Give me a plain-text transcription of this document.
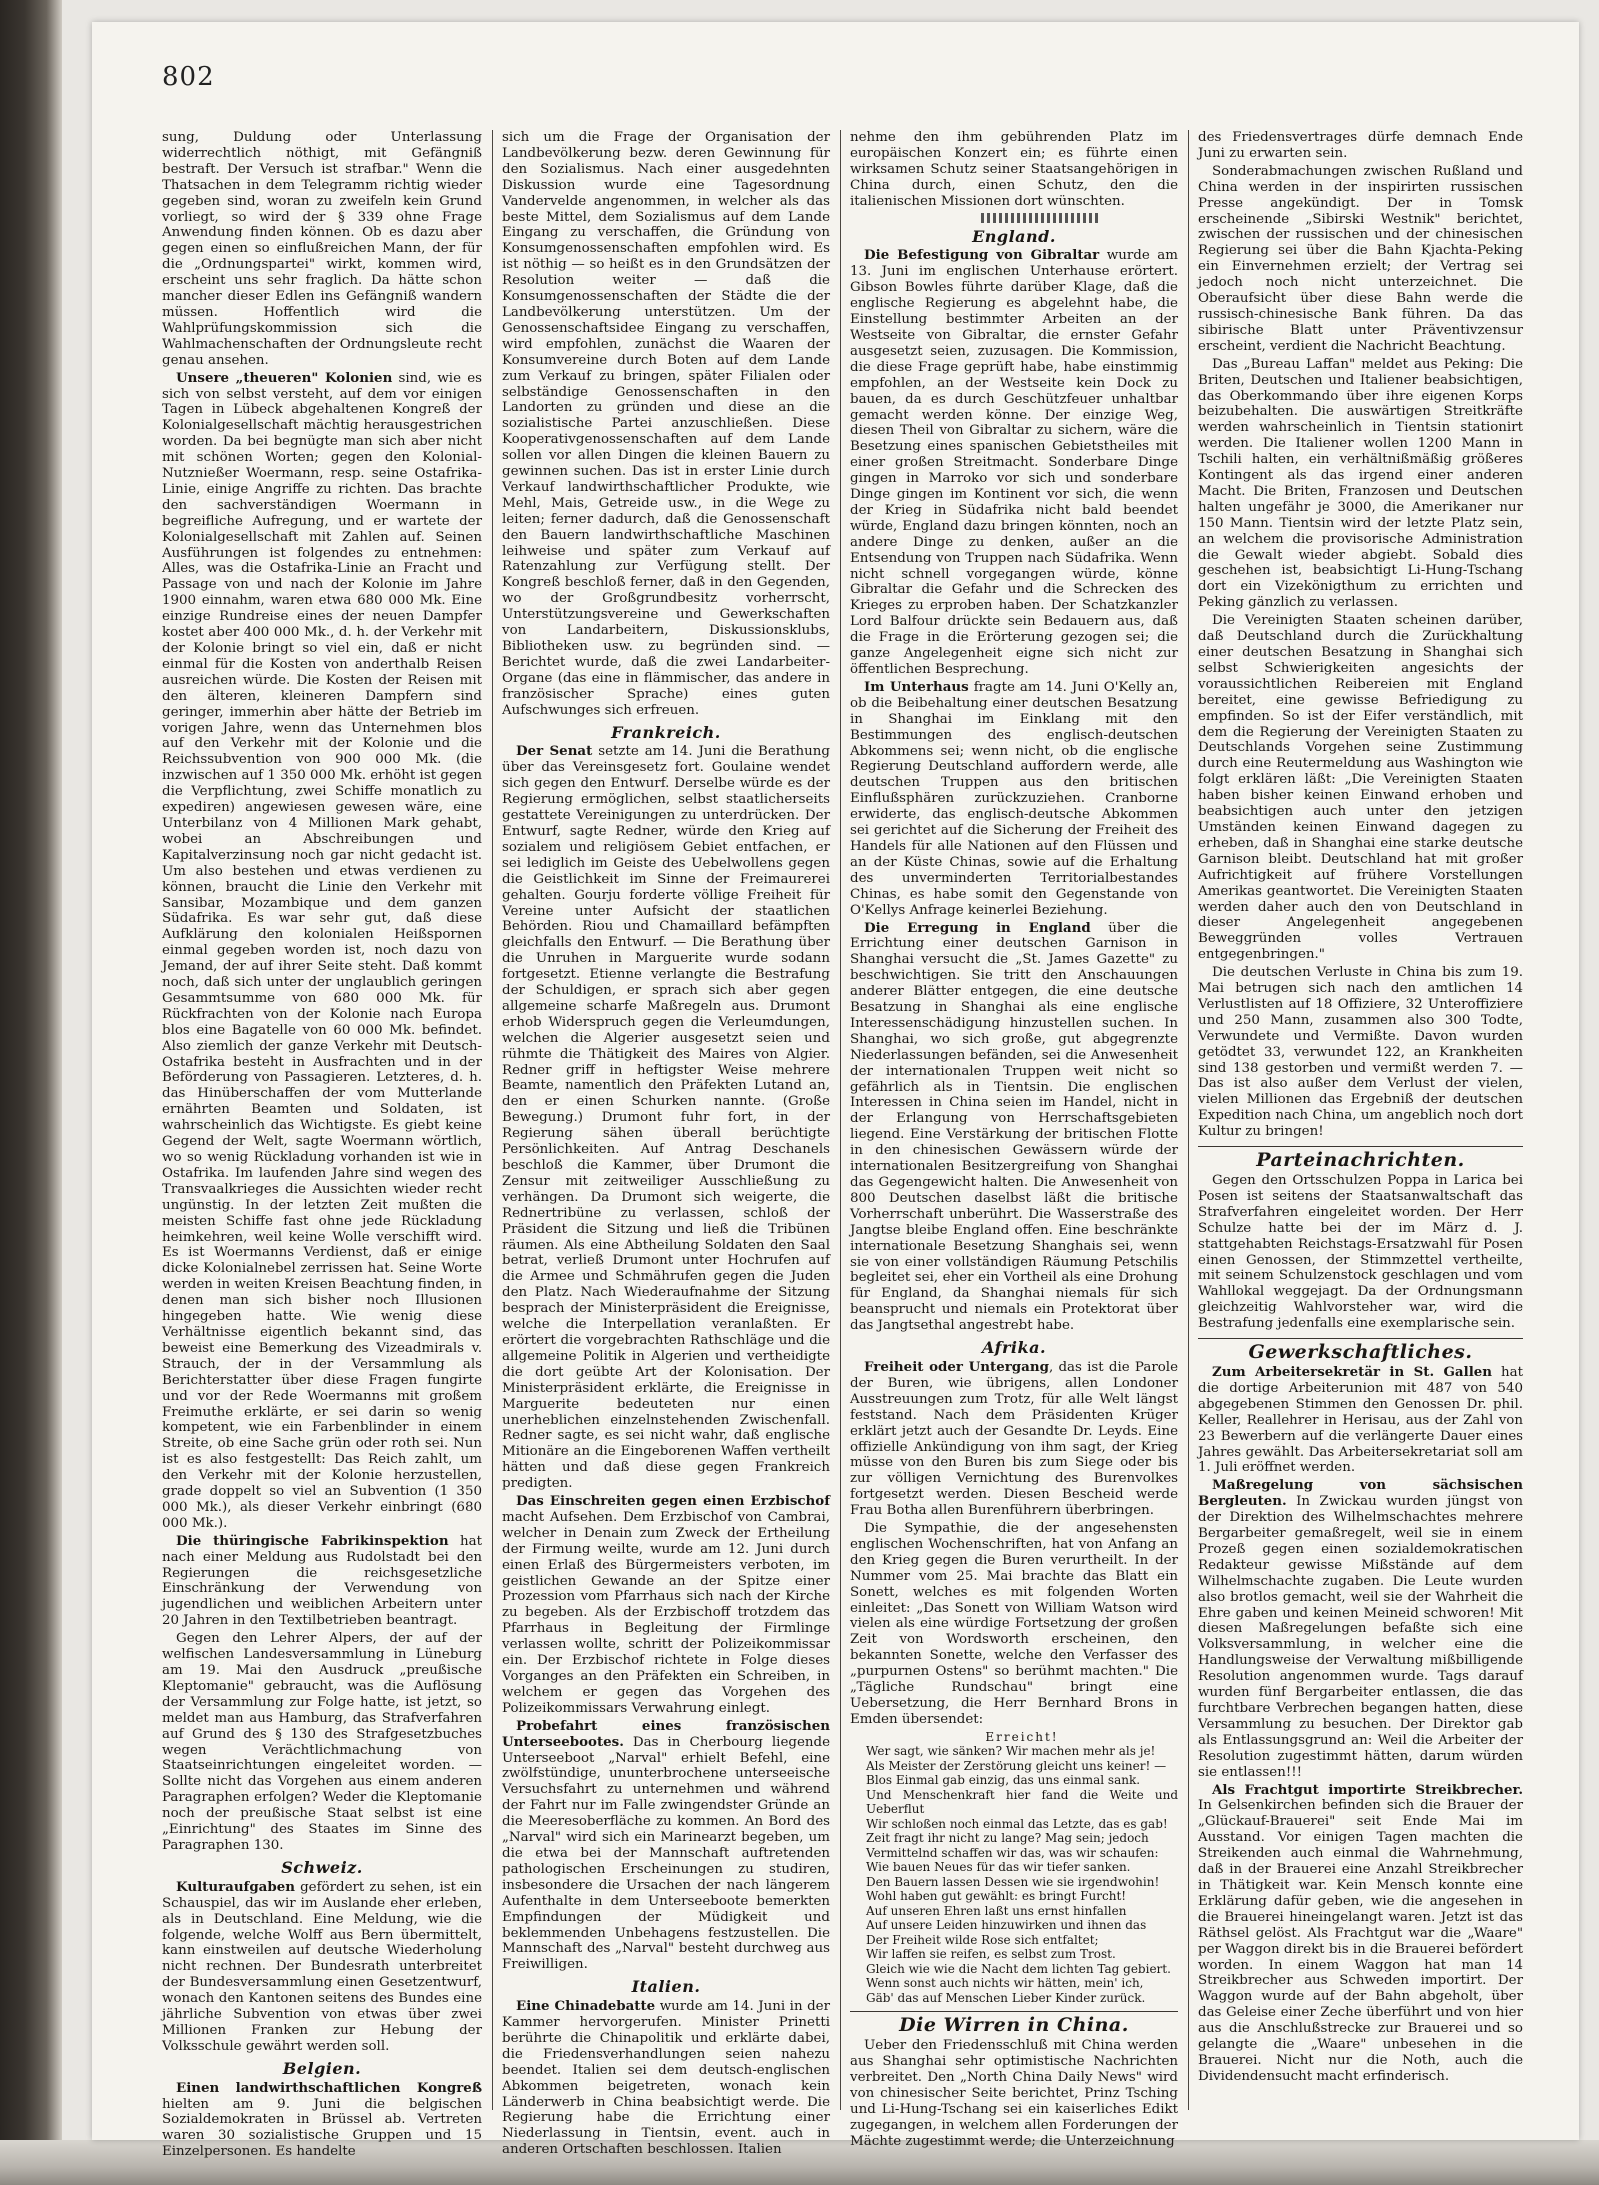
802

sung, Duldung oder Unterlassung widerrechtlich nöthigt, mit Gefängniß bestraft. Der Versuch ist strafbar." Wenn die Thatsachen in dem Telegramm richtig wieder gegeben sind, woran zu zweifeln kein Grund vorliegt, so wird der § 339 ohne Frage Anwendung finden können. Ob es dazu aber gegen einen so einflußreichen Mann, der für die „Ordnungspartei" wirkt, kommen wird, erscheint uns sehr fraglich. Da hätte schon mancher dieser Edlen ins Gefängniß wandern müssen. Hoffentlich wird die Wahlprüfungskommission sich die Wahlmachenschaften der Ordnungsleute recht genau ansehen.

Unsere „theueren" Kolonien sind, wie es sich von selbst versteht, auf dem vor einigen Tagen in Lübeck abgehaltenen Kongreß der Kolonialgesellschaft mächtig herausgestrichen worden. Da bei begnügte man sich aber nicht mit schönen Worten; gegen den Kolonial-Nutznießer Woermann, resp. seine Ostafrika-Linie, einige Angriffe zu richten. Das brachte den sachverständigen Woermann in begreifliche Aufregung, und er wartete der Kolonialgesellschaft mit Zahlen auf. Seinen Ausführungen ist folgendes zu entnehmen: Alles, was die Ostafrika-Linie an Fracht und Passage von und nach der Kolonie im Jahre 1900 einnahm, waren etwa 680 000 Mk. Eine einzige Rundreise eines der neuen Dampfer kostet aber 400 000 Mk., d. h. der Verkehr mit der Kolonie bringt so viel ein, daß er nicht einmal für die Kosten von anderthalb Reisen ausreichen würde. Die Kosten der Reisen mit den älteren, kleineren Dampfern sind geringer, immerhin aber hätte der Betrieb im vorigen Jahre, wenn das Unternehmen blos auf den Verkehr mit der Kolonie und die Reichssubvention von 900 000 Mk. (die inzwischen auf 1 350 000 Mk. erhöht ist gegen die Verpflichtung, zwei Schiffe monatlich zu expediren) angewiesen gewesen wäre, eine Unterbilanz von 4 Millionen Mark gehabt, wobei an Abschreibungen und Kapitalverzinsung noch gar nicht gedacht ist. Um also bestehen und etwas verdienen zu können, braucht die Linie den Verkehr mit Sansibar, Mozambique und dem ganzen Südafrika. Es war sehr gut, daß diese Aufklärung den kolonialen Heißspornen einmal gegeben worden ist, noch dazu von Jemand, der auf ihrer Seite steht. Daß kommt noch, daß sich unter der unglaublich geringen Gesammtsumme von 680 000 Mk. für Rückfrachten von der Kolonie nach Europa blos eine Bagatelle von 60 000 Mk. befindet. Also ziemlich der ganze Verkehr mit Deutsch-Ostafrika besteht in Ausfrachten und in der Beförderung von Passagieren. Letzteres, d. h. das Hinüberschaffen der vom Mutterlande ernährten Beamten und Soldaten, ist wahrscheinlich das Wichtigste. Es giebt keine Gegend der Welt, sagte Woermann wörtlich, wo so wenig Rückladung vorhanden ist wie in Ostafrika. Im laufenden Jahre sind wegen des Transvaalkrieges die Aussichten wieder recht ungünstig. In der letzten Zeit mußten die meisten Schiffe fast ohne jede Rückladung heimkehren, weil keine Wolle verschifft wird. Es ist Woermanns Verdienst, daß er einige dicke Kolonialnebel zerrissen hat. Seine Worte werden in weiten Kreisen Beachtung finden, in denen man sich bisher noch Illusionen hingegeben hatte. Wie wenig diese Verhältnisse eigentlich bekannt sind, das beweist eine Bemerkung des Vizeadmirals v. Strauch, der in der Versammlung als Berichterstatter über diese Fragen fungirte und vor der Rede Woermanns mit großem Freimuthe erklärte, er sei darin so wenig kompetent, wie ein Farbenblinder in einem Streite, ob eine Sache grün oder roth sei. Nun ist es also festgestellt: Das Reich zahlt, um den Verkehr mit der Kolonie herzustellen, grade doppelt so viel an Subvention (1 350 000 Mk.), als dieser Verkehr einbringt (680 000 Mk.).

Die thüringische Fabrikinspektion hat nach einer Meldung aus Rudolstadt bei den Regierungen die reichsgesetzliche Einschränkung der Verwendung von jugendlichen und weiblichen Arbeitern unter 20 Jahren in den Textilbetrieben beantragt.

Gegen den Lehrer Alpers, der auf der welfischen Landesversammlung in Lüneburg am 19. Mai den Ausdruck „preußische Kleptomanie" gebraucht, was die Auflösung der Versammlung zur Folge hatte, ist jetzt, so meldet man aus Hamburg, das Strafverfahren auf Grund des § 130 des Strafgesetzbuches wegen Verächtlichmachung von Staatseinrichtungen eingeleitet worden. — Sollte nicht das Vorgehen aus einem anderen Paragraphen erfolgen? Weder die Kleptomanie noch der preußische Staat selbst ist eine „Einrichtung" des Staates im Sinne des Paragraphen 130.

Schweiz.

Kulturaufgaben gefördert zu sehen, ist ein Schauspiel, das wir im Auslande eher erleben, als in Deutschland. Eine Meldung, wie die folgende, welche Wolff aus Bern übermittelt, kann einstweilen auf deutsche Wiederholung nicht rechnen. Der Bundesrath unterbreitet der Bundesversammlung einen Gesetzentwurf, wonach den Kantonen seitens des Bundes eine jährliche Subvention von etwas über zwei Millionen Franken zur Hebung der Volksschule gewährt werden soll.

Belgien.

Einen landwirthschaftlichen Kongreß hielten am 9. Juni die belgischen Sozialdemokraten in Brüssel ab. Vertreten waren 30 sozialistische Gruppen und 15 Einzelpersonen. Es handelte

sich um die Frage der Organisation der Landbevölkerung bezw. deren Gewinnung für den Sozialismus. Nach einer ausgedehnten Diskussion wurde eine Tagesordnung Vandervelde angenommen, in welcher als das beste Mittel, dem Sozialismus auf dem Lande Eingang zu verschaffen, die Gründung von Konsumgenossenschaften empfohlen wird. Es ist nöthig — so heißt es in den Grundsätzen der Resolution weiter — daß die Konsumgenossenschaften der Städte die der Landbevölkerung unterstützen. Um der Genossenschaftsidee Eingang zu verschaffen, wird empfohlen, zunächst die Waaren der Konsumvereine durch Boten auf dem Lande zum Verkauf zu bringen, später Filialen oder selbständige Genossenschaften in den Landorten zu gründen und diese an die sozialistische Partei anzuschließen. Diese Kooperativgenossenschaften auf dem Lande sollen vor allen Dingen die kleinen Bauern zu gewinnen suchen. Das ist in erster Linie durch Verkauf landwirthschaftlicher Produkte, wie Mehl, Mais, Getreide usw., in die Wege zu leiten; ferner dadurch, daß die Genossenschaft den Bauern landwirthschaftliche Maschinen leihweise und später zum Verkauf auf Ratenzahlung zur Verfügung stellt. Der Kongreß beschloß ferner, daß in den Gegenden, wo der Großgrundbesitz vorherrscht, Unterstützungsvereine und Gewerkschaften von Landarbeitern, Diskussionsklubs, Bibliotheken usw. zu begründen sind. — Berichtet wurde, daß die zwei Landarbeiter-Organe (das eine in flämmischer, das andere in französischer Sprache) eines guten Aufschwunges sich erfreuen.

Frankreich.

Der Senat setzte am 14. Juni die Berathung über das Vereinsgesetz fort. Goulaine wendet sich gegen den Entwurf. Derselbe würde es der Regierung ermöglichen, selbst staatlicherseits gestattete Vereinigungen zu unterdrücken. Der Entwurf, sagte Redner, würde den Krieg auf sozialem und religiösem Gebiet entfachen, er sei lediglich im Geiste des Uebelwollens gegen die Geistlichkeit im Sinne der Freimaurerei gehalten. Gourju forderte völlige Freiheit für Vereine unter Aufsicht der staatlichen Behörden. Riou und Chamaillard befämpften gleichfalls den Entwurf. — Die Berathung über die Unruhen in Marguerite wurde sodann fortgesetzt. Etienne verlangte die Bestrafung der Schuldigen, er sprach sich aber gegen allgemeine scharfe Maßregeln aus. Drumont erhob Widerspruch gegen die Verleumdungen, welchen die Algerier ausgesetzt seien und rühmte die Thätigkeit des Maires von Algier. Redner griff in heftigster Weise mehrere Beamte, namentlich den Präfekten Lutand an, den er einen Schurken nannte. (Große Bewegung.) Drumont fuhr fort, in der Regierung sähen überall berüchtigte Persönlichkeiten. Auf Antrag Deschanels beschloß die Kammer, über Drumont die Zensur mit zeitweiliger Ausschließung zu verhängen. Da Drumont sich weigerte, die Rednertribüne zu verlassen, schloß der Präsident die Sitzung und ließ die Tribünen räumen. Als eine Abtheilung Soldaten den Saal betrat, verließ Drumont unter Hochrufen auf die Armee und Schmährufen gegen die Juden den Platz. Nach Wiederaufnahme der Sitzung besprach der Ministerpräsident die Ereignisse, welche die Interpellation veranlaßten. Er erörtert die vorgebrachten Rathschläge und die allgemeine Politik in Algerien und vertheidigte die dort geübte Art der Kolonisation. Der Ministerpräsident erklärte, die Ereignisse in Marguerite bedeuteten nur einen unerheblichen einzelnstehenden Zwischenfall. Redner sagte, es sei nicht wahr, daß englische Mitionäre an die Eingeborenen Waffen vertheilt hätten und daß diese gegen Frankreich predigten.

Das Einschreiten gegen einen Erzbischof macht Aufsehen. Dem Erzbischof von Cambrai, welcher in Denain zum Zweck der Ertheilung der Firmung weilte, wurde am 12. Juni durch einen Erlaß des Bürgermeisters verboten, im geistlichen Gewande an der Spitze einer Prozession vom Pfarrhaus sich nach der Kirche zu begeben. Als der Erzbischoff trotzdem das Pfarrhaus in Begleitung der Firmlinge verlassen wollte, schritt der Polizeikommissar ein. Der Erzbischof richtete in Folge dieses Vorganges an den Präfekten ein Schreiben, in welchem er gegen das Vorgehen des Polizeikommissars Verwahrung einlegt.

Probefahrt eines französischen Unterseebootes. Das in Cherbourg liegende Unterseeboot „Narval" erhielt Befehl, eine zwölfstündige, ununterbrochene unterseeische Versuchsfahrt zu unternehmen und während der Fahrt nur im Falle zwingendster Gründe an die Meeresoberfläche zu kommen. An Bord des „Narval" wird sich ein Marinearzt begeben, um die etwa bei der Mannschaft auftretenden pathologischen Erscheinungen zu studiren, insbesondere die Ursachen der nach längerem Aufenthalte in dem Unterseeboote bemerkten Empfindungen der Müdigkeit und beklemmenden Unbehagens festzustellen. Die Mannschaft des „Narval" besteht durchweg aus Freiwilligen.

Italien.

Eine Chinadebatte wurde am 14. Juni in der Kammer hervorgerufen. Minister Prinetti berührte die Chinapolitik und erklärte dabei, die Friedensverhandlungen seien nahezu beendet. Italien sei dem deutsch-englischen Abkommen beigetreten, wonach kein Länderwerb in China beabsichtigt werde. Die Regierung habe die Errichtung einer Niederlassung in Tientsin, event. auch in anderen Ortschaften beschlossen. Italien

nehme den ihm gebührenden Platz im europäischen Konzert ein; es führte einen wirksamen Schutz seiner Staatsangehörigen in China durch, einen Schutz, den die italienischen Missionen dort wünschten.

England.

Die Befestigung von Gibraltar wurde am 13. Juni im englischen Unterhause erörtert. Gibson Bowles führte darüber Klage, daß die englische Regierung es abgelehnt habe, die Einstellung bestimmter Arbeiten an der Westseite von Gibraltar, die ernster Gefahr ausgesetzt seien, zuzusagen. Die Kommission, die diese Frage geprüft habe, habe einstimmig empfohlen, an der Westseite kein Dock zu bauen, da es durch Geschützfeuer unhaltbar gemacht werden könne. Der einzige Weg, diesen Theil von Gibraltar zu sichern, wäre die Besetzung eines spanischen Gebietstheiles mit einer großen Streitmacht. Sonderbare Dinge gingen in Marroko vor sich und sonderbare Dinge gingen im Kontinent vor sich, die wenn der Krieg in Südafrika nicht bald beendet würde, England dazu bringen könnten, noch an andere Dinge zu denken, außer an die Entsendung von Truppen nach Südafrika. Wenn nicht schnell vorgegangen würde, könne Gibraltar die Gefahr und die Schrecken des Krieges zu erproben haben. Der Schatzkanzler Lord Balfour drückte sein Bedauern aus, daß die Frage in die Erörterung gezogen sei; die ganze Angelegenheit eigne sich nicht zur öffentlichen Besprechung.

Im Unterhaus fragte am 14. Juni O'Kelly an, ob die Beibehaltung einer deutschen Besatzung in Shanghai im Einklang mit den Bestimmungen des englisch-deutschen Abkommens sei; wenn nicht, ob die englische Regierung Deutschland auffordern werde, alle deutschen Truppen aus den britischen Einflußsphären zurückzuziehen. Cranborne erwiderte, das englisch-deutsche Abkommen sei gerichtet auf die Sicherung der Freiheit des Handels für alle Nationen auf den Flüssen und an der Küste Chinas, sowie auf die Erhaltung des unverminderten Territorialbestandes Chinas, es habe somit den Gegenstande von O'Kellys Anfrage keinerlei Beziehung.

Die Erregung in England über die Errichtung einer deutschen Garnison in Shanghai versucht die „St. James Gazette" zu beschwichtigen. Sie tritt den Anschauungen anderer Blätter entgegen, die eine deutsche Besatzung in Shanghai als eine englische Interessenschädigung hinzustellen suchen. In Shanghai, wo sich große, gut abgegrenzte Niederlassungen befänden, sei die Anwesenheit der internationalen Truppen weit nicht so gefährlich als in Tientsin. Die englischen Interessen in China seien im Handel, nicht in der Erlangung von Herrschaftsgebieten liegend. Eine Verstärkung der britischen Flotte in den chinesischen Gewässern würde der internationalen Besitzergreifung von Shanghai das Gegengewicht halten. Die Anwesenheit von 800 Deutschen daselbst läßt die britische Vorherrschaft unberührt. Die Wasserstraße des Jangtse bleibe England offen. Eine beschränkte internationale Besetzung Shanghais sei, wenn sie von einer vollständigen Räumung Petschilis begleitet sei, eher ein Vortheil als eine Drohung für England, da Shanghai niemals für sich beansprucht und niemals ein Protektorat über das Jangtsethal angestrebt habe.

Afrika.

Freiheit oder Untergang, das ist die Parole der Buren, wie übrigens, allen Londoner Ausstreuungen zum Trotz, für alle Welt längst feststand. Nach dem Präsidenten Krüger erklärt jetzt auch der Gesandte Dr. Leyds. Eine offizielle Ankündigung von ihm sagt, der Krieg müsse von den Buren bis zum Siege oder bis zur völligen Vernichtung des Burenvolkes fortgesetzt werden. Diesen Bescheid werde Frau Botha allen Burenführern überbringen.

Die Sympathie, die der angesehensten englischen Wochenschriften, hat von Anfang an den Krieg gegen die Buren verurtheilt. In der Nummer vom 25. Mai brachte das Blatt ein Sonett, welches es mit folgenden Worten einleitet: „Das Sonett von William Watson wird vielen als eine würdige Fortsetzung der großen Zeit von Wordsworth erscheinen, den bekannten Sonette, welche den Verfasser des „purpurnen Ostens" so berühmt machten." Die „Tägliche Rundschau" bringt eine Uebersetzung, die Herr Bernhard Brons in Emden übersendet:

Erreicht!
Wer sagt, wie sänken? Wir machen mehr als je!
Als Meister der Zerstörung gleicht uns keiner! —
Blos Einmal gab einzig, das uns einmal sank.
Und Menschenkraft hier fand die Weite und Ueberflut
Wir schloßen noch einmal das Letzte, das es gab!
Zeit fragt ihr nicht zu lange? Mag sein; jedoch
Vermittelnd schaffen wir das, was wir schaufen:
Wie bauen Neues für das wir tiefer sanken.
Den Bauern lassen Dessen wie sie irgendwohin!
Wohl haben gut gewählt: es bringt Furcht!
Auf unseren Ehren laßt uns ernst hinfallen
Auf unsere Leiden hinzuwirken und ihnen das
Der Freiheit wilde Rose sich entfaltet;
Wir laffen sie reifen, es selbst zum Trost.
Gleich wie wie die Nacht dem lichten Tag gebiert.
Wenn sonst auch nichts wir hätten, mein' ich,
Gäb' das auf Menschen Lieber Kinder zurück.
Die Wirren in China.

Ueber den Friedensschluß mit China werden aus Shanghai sehr optimistische Nachrichten verbreitet. Den „North China Daily News" wird von chinesischer Seite berichtet, Prinz Tsching und Li-Hung-Tschang sei ein kaiserliches Edikt zugegangen, in welchem allen Forderungen der Mächte zugestimmt werde; die Unterzeichnung

des Friedensvertrages dürfe demnach Ende Juni zu erwarten sein.

Sonderabmachungen zwischen Rußland und China werden in der inspirirten russischen Presse angekündigt. Der in Tomsk erscheinende „Sibirski Westnik" berichtet, zwischen der russischen und der chinesischen Regierung sei über die Bahn Kjachta-Peking ein Einvernehmen erzielt; der Vertrag sei jedoch noch nicht unterzeichnet. Die Oberaufsicht über diese Bahn werde die russisch-chinesische Bank führen. Da das sibirische Blatt unter Präventivzensur erscheint, verdient die Nachricht Beachtung.

Das „Bureau Laffan" meldet aus Peking: Die Briten, Deutschen und Italiener beabsichtigen, das Oberkommando über ihre eigenen Korps beizubehalten. Die auswärtigen Streitkräfte werden wahrscheinlich in Tientsin stationirt werden. Die Italiener wollen 1200 Mann in Tschili halten, ein verhältnißmäßig größeres Kontingent als das irgend einer anderen Macht. Die Briten, Franzosen und Deutschen halten ungefähr je 3000, die Amerikaner nur 150 Mann. Tientsin wird der letzte Platz sein, an welchem die provisorische Administration die Gewalt wieder abgiebt. Sobald dies geschehen ist, beabsichtigt Li-Hung-Tschang dort ein Vizekönigthum zu errichten und Peking gänzlich zu verlassen.

Die Vereinigten Staaten scheinen darüber, daß Deutschland durch die Zurückhaltung einer deutschen Besatzung in Shanghai sich selbst Schwierigkeiten angesichts der voraussichtlichen Reibereien mit England bereitet, eine gewisse Befriedigung zu empfinden. So ist der Eifer verständlich, mit dem die Regierung der Vereinigten Staaten zu Deutschlands Vorgehen seine Zustimmung durch eine Reutermeldung aus Washington wie folgt erklären läßt: „Die Vereinigten Staaten haben bisher keinen Einwand erhoben und beabsichtigen auch unter den jetzigen Umständen keinen Einwand dagegen zu erheben, daß in Shanghai eine starke deutsche Garnison bleibt. Deutschland hat mit großer Aufrichtigkeit auf frühere Vorstellungen Amerikas geantwortet. Die Vereinigten Staaten werden daher auch den von Deutschland in dieser Angelegenheit angegebenen Beweggründen volles Vertrauen entgegenbringen."

Die deutschen Verluste in China bis zum 19. Mai betrugen sich nach den amtlichen 14 Verlustlisten auf 18 Offiziere, 32 Unteroffiziere und 250 Mann, zusammen also 300 Todte, Verwundete und Vermißte. Davon wurden getödtet 33, verwundet 122, an Krankheiten sind 138 gestorben und vermißt werden 7. — Das ist also außer dem Verlust der vielen, vielen Millionen das Ergebniß der deutschen Expedition nach China, um angeblich noch dort Kultur zu bringen!

Parteinachrichten.

Gegen den Ortsschulzen Poppa in Larica bei Posen ist seitens der Staatsanwaltschaft das Strafverfahren eingeleitet worden. Der Herr Schulze hatte bei der im März d. J. stattgehabten Reichstags-Ersatzwahl für Posen einen Genossen, der Stimmzettel vertheilte, mit seinem Schulzenstock geschlagen und vom Wahllokal weggejagt. Da der Ordnungsmann gleichzeitig Wahlvorsteher war, wird die Bestrafung jedenfalls eine exemplarische sein.

Gewerkschaftliches.

Zum Arbeitersekretär in St. Gallen hat die dortige Arbeiterunion mit 487 von 540 abgegebenen Stimmen den Genossen Dr. phil. Keller, Reallehrer in Herisau, aus der Zahl von 23 Bewerbern auf die verlängerte Dauer eines Jahres gewählt. Das Arbeitersekretariat soll am 1. Juli eröffnet werden.

Maßregelung von sächsischen Bergleuten. In Zwickau wurden jüngst von der Direktion des Wilhelmschachtes mehrere Bergarbeiter gemaßregelt, weil sie in einem Prozeß gegen einen sozialdemokratischen Redakteur gewisse Mißstände auf dem Wilhelmschachte zugaben. Die Leute wurden also brotlos gemacht, weil sie der Wahrheit die Ehre gaben und keinen Meineid schworen! Mit diesen Maßregelungen befaßte sich eine Volksversammlung, in welcher eine die Handlungsweise der Verwaltung mißbilligende Resolution angenommen wurde. Tags darauf wurden fünf Bergarbeiter entlassen, die das furchtbare Verbrechen begangen hatten, diese Versammlung zu besuchen. Der Direktor gab als Entlassungsgrund an: Weil die Arbeiter der Resolution zugestimmt hätten, darum würden sie entlassen!!!

Als Frachtgut importirte Streikbrecher. In Gelsenkirchen befinden sich die Brauer der „Glückauf-Brauerei" seit Ende Mai im Ausstand. Vor einigen Tagen machten die Streikenden auch einmal die Wahrnehmung, daß in der Brauerei eine Anzahl Streikbrecher in Thätigkeit war. Kein Mensch konnte eine Erklärung dafür geben, wie die angesehen in die Brauerei hineingelangt waren. Jetzt ist das Räthsel gelöst. Als Frachtgut war die „Waare" per Waggon direkt bis in die Brauerei befördert worden. In einem Waggon hat man 14 Streikbrecher aus Schweden importirt. Der Waggon wurde auf der Bahn abgeholt, über das Geleise einer Zeche überführt und von hier aus die Anschlußstrecke zur Brauerei und so gelangte die „Waare" unbesehen in die Brauerei. Nicht nur die Noth, auch die Dividendensucht macht erfinderisch.
